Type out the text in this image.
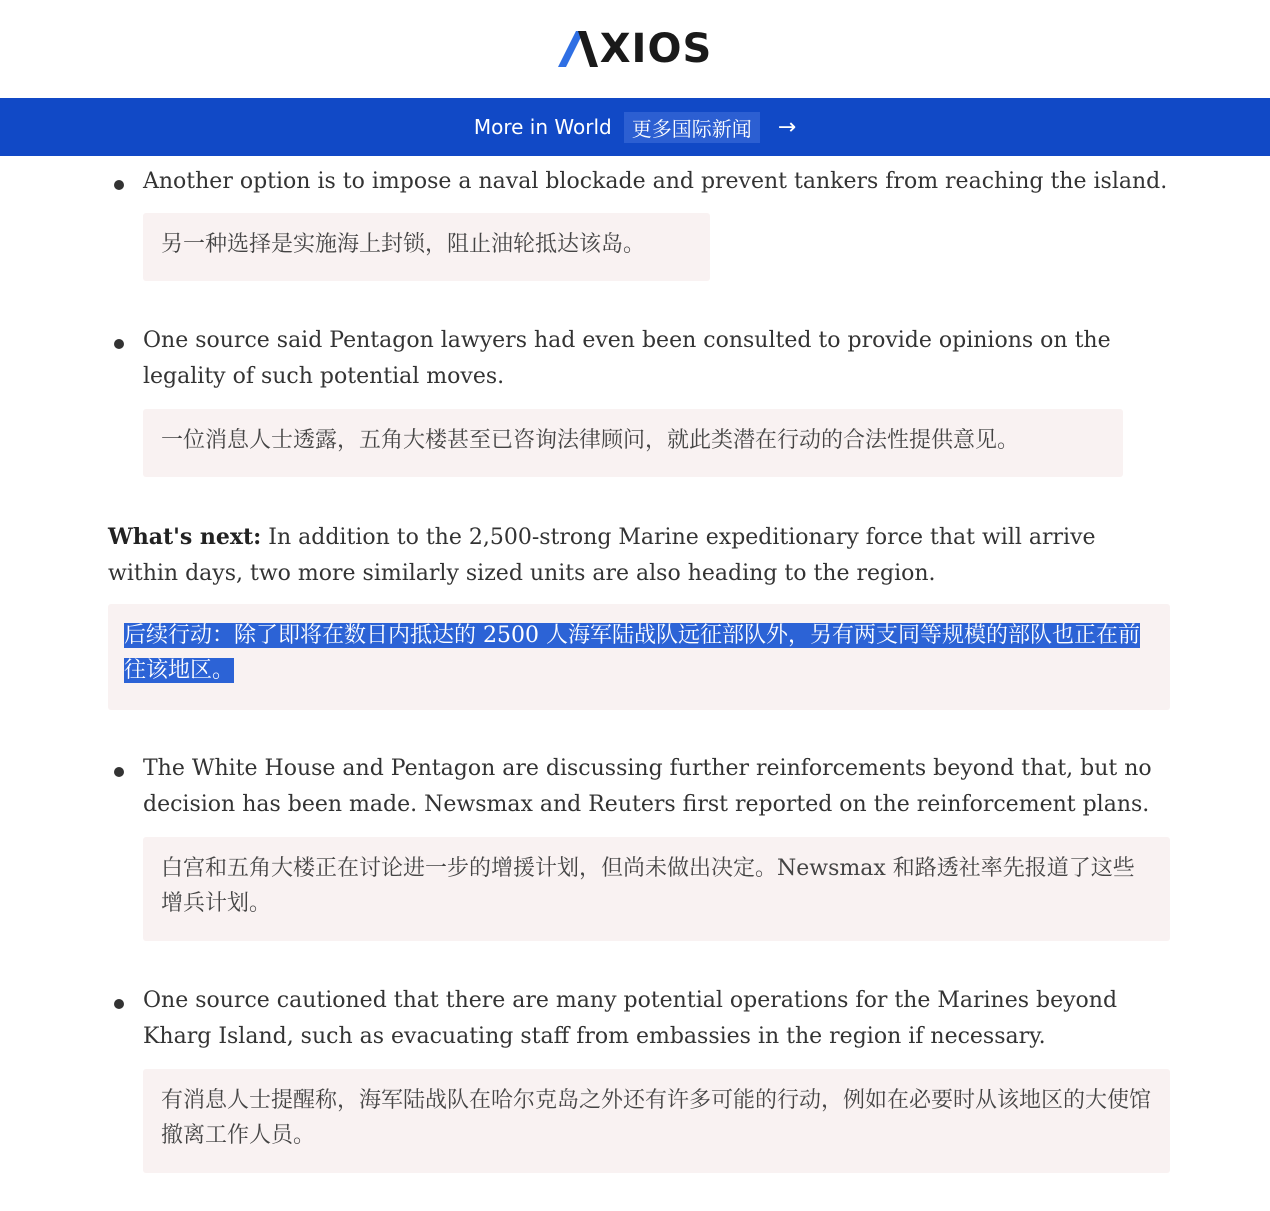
XIOS
More in World	更多国际新闻	→
Another option is to impose a naval blockade and prevent tankers from reaching the island.
另一种选择是实施海上封锁，阻止油轮抵达该岛。
One source said Pentagon lawyers had even been consulted to provide opinions on the legality of such potential moves.
一位消息人士透露，五角大楼甚至已咨询法律顾问，就此类潜在行动的合法性提供意见。
What's next: In addition to the 2,500-strong Marine expeditionary force that will arrive within days, two more similarly sized units are also heading to the region.
后续行动：除了即将在数日内抵达的 2500 人海军陆战队远征部队外，另有两支同等规模的部队也正在前往该地区。
The White House and Pentagon are discussing further reinforcements beyond that, but no decision has been made. Newsmax and Reuters first reported on the reinforcement plans.
白宫和五角大楼正在讨论进一步的增援计划，但尚未做出决定。Newsmax 和路透社率先报道了这些增兵计划。
One source cautioned that there are many potential operations for the Marines beyond Kharg Island, such as evacuating staff from embassies in the region if necessary.
有消息人士提醒称，海军陆战队在哈尔克岛之外还有许多可能的行动，例如在必要时从该地区的大使馆撤离工作人员。
